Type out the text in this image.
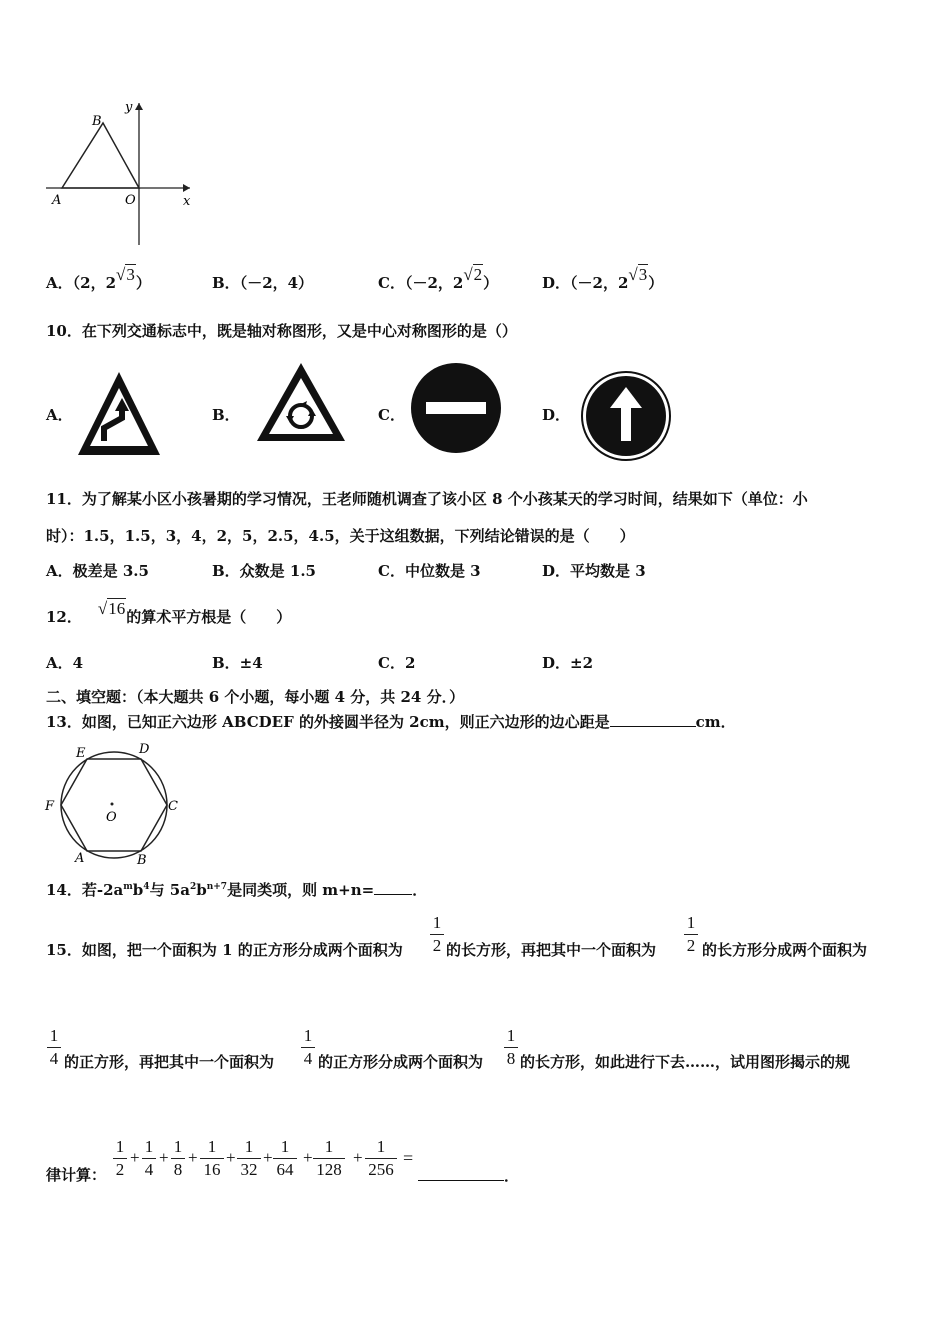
B
y
A	O	x
A．（2，2√3）	B．（－2，4）	C．（－2，2√2）	D．（－2，2√3）
10．在下列交通标志中，既是轴对称图形，又是中心对称图形的是（）
A．	B．	C．	D．
11．为了解某小区小孩暑期的学习情况，王老师随机调查了该小区 8 个小孩某天的学习时间，结果如下（单位：小
时）：1.5，1.5，3，4，2，5，2.5，4.5，关于这组数据，下列结论错误的是（　　）
A．极差是 3.5	B．众数是 1.5	C．中位数是 3	D．平均数是 3
12． √16的算术平方根是（　　）
A．4	B．±4	C．2	D．±2
二、填空题：（本大题共 6 个小题，每小题 4 分，共 24 分．）
13．如图，已知正六边形 ABCDEF 的外接圆半径为 2cm，则正六边形的边心距是	cm．
E	D
F	C
O
A	B
14．若$-2a^mb^4$与 $5a^2b^{n+7}$是同类项，则 m+n=	．
15．如图，把一个面积为 1 的正方形分成两个面积为
1
2 的长方形，再把其中一个面积为
1
2 的长方形分成两个面积为
1
4 的正方形，再把其中一个面积为
1
4 的正方形分成两个面积为
1
8 的长方形，如此进行下去……，试用图形揭示的规
律计算：
1
2
+
1
4
+
1
8
+
1
16
+
1
32
+
1
64
+
1
128
+
1
256
=
．
